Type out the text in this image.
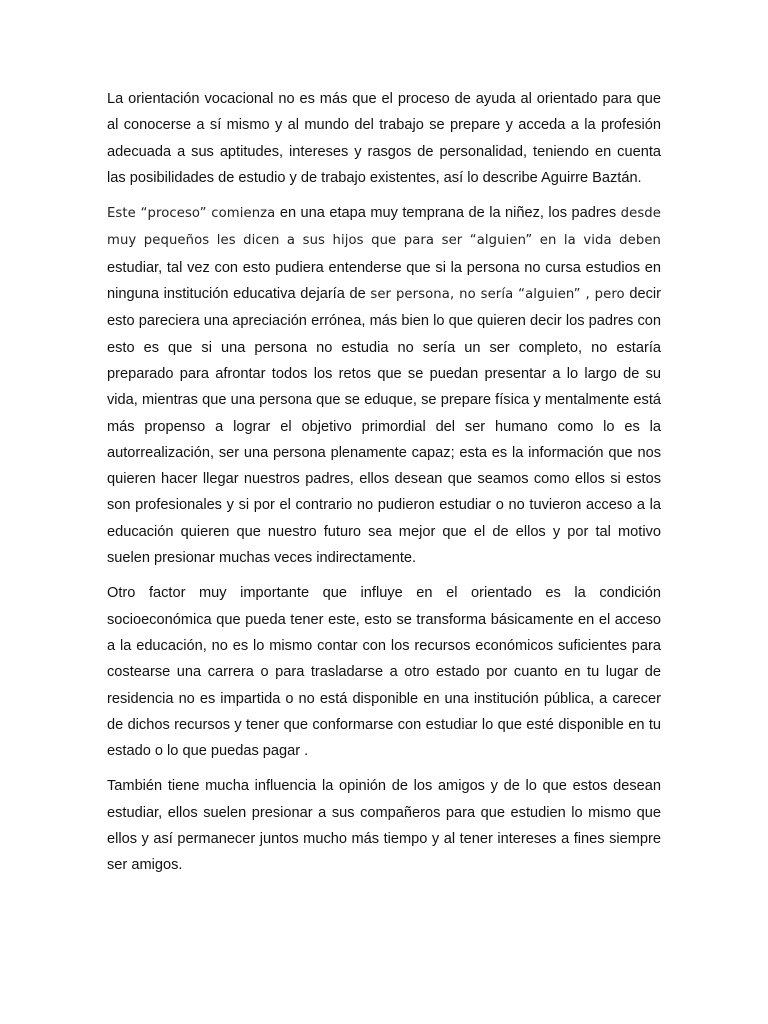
La orientación vocacional no es más que el proceso de ayuda al orientado para que al conocerse a sí mismo y al mundo del trabajo se prepare y acceda a la profesión adecuada a sus aptitudes, intereses y rasgos de personalidad, teniendo en cuenta las posibilidades de estudio y de trabajo existentes, así lo describe Aguirre Baztán.

Este “proceso” comienza en una etapa muy temprana de la niñez, los padres desde muy pequeños les dicen a sus hijos que para ser “alguien” en la vida deben estudiar, tal vez con esto pudiera entenderse que si la persona no cursa estudios en ninguna institución educativa dejaría de ser persona, no sería “alguien” , pero decir esto pareciera una apreciación errónea, más bien lo que quieren decir los padres con esto es que si una persona no estudia no sería un ser completo, no estaría preparado para afrontar todos los retos que se puedan presentar a lo largo de su vida, mientras que una persona que se eduque, se prepare física y mentalmente está más propenso a lograr el objetivo primordial del ser humano como lo es la autorrealización, ser una persona plenamente capaz; esta es la información que nos quieren hacer llegar nuestros padres, ellos desean que seamos como ellos si estos son profesionales y si por el contrario no pudieron estudiar o no tuvieron acceso a la educación quieren que nuestro futuro sea mejor que el de ellos y por tal motivo suelen presionar muchas veces indirectamente.

Otro factor muy importante que influye en el orientado es la condición socioeconómica que pueda tener este, esto se transforma básicamente en el acceso a la educación, no es lo mismo contar con los recursos económicos suficientes para costearse una carrera o para trasladarse a otro estado por cuanto en tu lugar de residencia no es impartida o no está disponible en una institución pública, a carecer de dichos recursos y tener que conformarse con estudiar lo que esté disponible en tu estado o lo que puedas pagar .

También tiene mucha influencia la opinión de los amigos y de lo que estos desean estudiar, ellos suelen presionar a sus compañeros para que estudien lo mismo que ellos y así permanecer juntos mucho más tiempo y al tener intereses a fines siempre ser amigos.
